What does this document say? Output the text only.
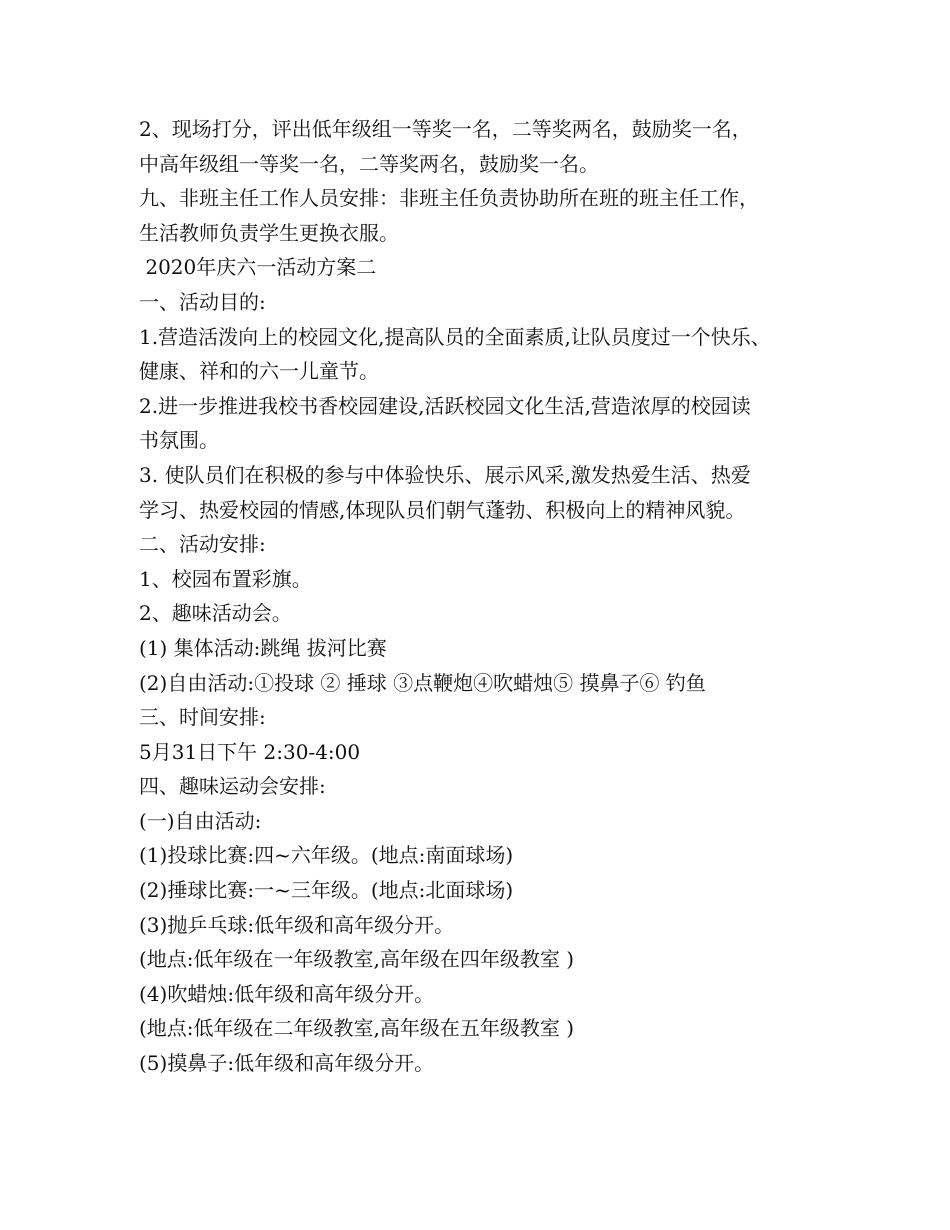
2、现场打分，评出低年级组一等奖一名，二等奖两名，鼓励奖一名，
中高年级组一等奖一名，二等奖两名，鼓励奖一名。
九、非班主任工作人员安排：非班主任负责协助所在班的班主任工作，
生活教师负责学生更换衣服。
2020年庆六一活动方案二
一、活动目的:
1.营造活泼向上的校园文化,提高队员的全面素质,让队员度过一个快乐、
健康、祥和的六一儿童节。
2.进一步推进我校书香校园建设,活跃校园文化生活,营造浓厚的校园读
书氛围。
3. 使队员们在积极的参与中体验快乐、展示风采,激发热爱生活、热爱
学习、热爱校园的情感,体现队员们朝气蓬勃、积极向上的精神风貌。
二、活动安排:
1、校园布置彩旗。
2、趣味活动会。
(1) 集体活动:跳绳 拔河比赛
(2)自由活动:①投球 ② 捶球 ③点鞭炮④吹蜡烛⑤ 摸鼻子⑥ 钓鱼
三、时间安排:
5月31日下午 2:30-4:00
四、趣味运动会安排:
(一)自由活动:
(1)投球比赛:四~六年级。(地点:南面球场)
(2)捶球比赛:一~三年级。(地点:北面球场)
(3)抛乒乓球:低年级和高年级分开。
(地点:低年级在一年级教室,高年级在四年级教室 )
(4)吹蜡烛:低年级和高年级分开。
(地点:低年级在二年级教室,高年级在五年级教室 )
(5)摸鼻子:低年级和高年级分开。
